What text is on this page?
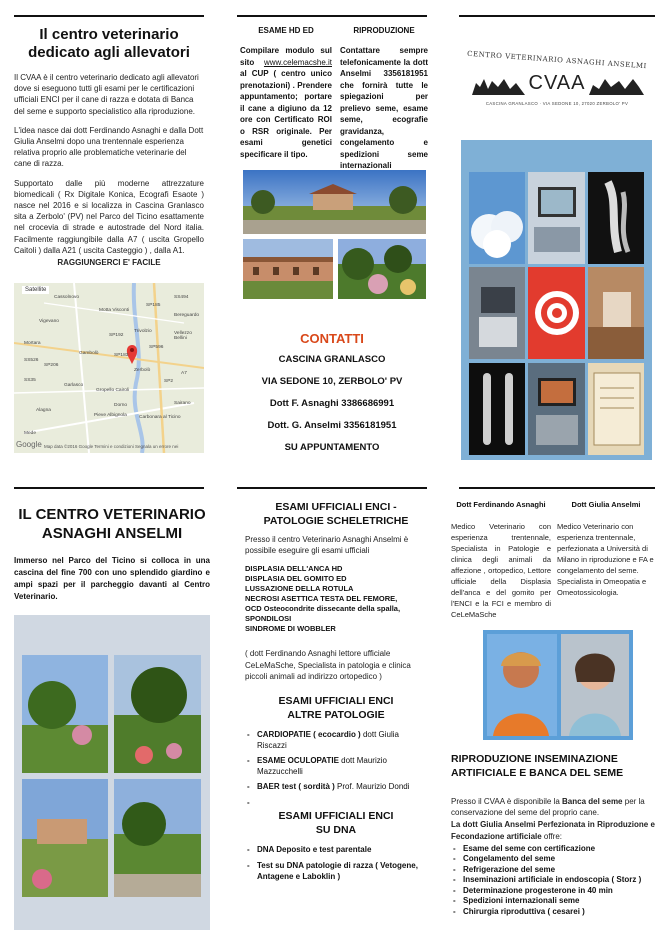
Il centro veterinario
dedicato agli allevatori

Il CVAA è il centro veterinario dedicato agli allevatori dove si eseguono tutti gli esami per le certificazioni ufficiali ENCI per il cane di razza e dotata di Banca del seme e supporto specialistico alla riproduzione.

L'idea nasce dai dott Ferdinando Asnaghi e dalla Dott Giulia Anselmi dopo una trentennale esperienza relativa proprio alle problematiche veterinarie del cane di razza.

Supportato dalle più moderne attrezzature biomedicali ( Rx Digitale Konica, Ecografi Esaote ) nasce nel 2016 e si localizza in Cascina Granlasco sita a Zerbolo' (PV) nel Parco del Ticino esattamente nel crocevia di strade e autostrade del Nord italia. Facilmente raggiungibile dalla A7 ( uscita Gropello Caitoli ) dalla A21 ( uscita Casteggio ) , dalla A1.

RAGGIUNGERCI E' FACILE

Satellite
Cassolnovo
Motta Visconti
Vigevano
Bereguardo
Trivolzio	Vellezzo Bellini
Mortara
Gambolò
Gropello Cairoli
Zerbolò
Garlasco
Dorno
Carbonara al Ticino
Alagna
Pieve Albignola
Sairano
Mede
SS494
SS526
SP192
SP206
SP596
SP183
SS35	SP2
A7
SP185
Google Map data ©2016 Google Termini e condizioni Segnala un errore nei
ESAME HD ED

Compilare modulo sul sito www.celemacshe.it al CUP ( centro unico prenotazioni) . Prendere appuntamento; portare il cane a digiuno da 12 ore con Certificato ROI o RSR originale. Per esami genetici specificare il tipo.

RIPRODUZIONE

Contattare sempre telefonicamente la dott Anselmi 3356181951 che fornirà tutte le spiegazioni per prelievo seme, esame seme, ecografie gravidanza, congelamento e spedizioni seme internazionali

CONTATTI
CASCINA GRANLASCO
VIA SEDONE 10, ZERBOLO' PV
Dott F. Asnaghi 3386686991
Dott. G. Anselmi 3356181951
SU APPUNTAMENTO
CENTRO VETERINARIO ASNAGHI ANSELMI
CVAA
CASCINA GRANLASCO · VIA SEDONE 10, 27020 ZERBOLO' PV
IL CENTRO VETERINARIO
ASNAGHI ANSELMI

Immerso nel Parco del Ticino si colloca in una cascina del fine 700 con uno splendido giardino e ampi spazi per il parcheggio davanti al Centro Veterinario.

ESAMI UFFICIALI ENCI -
PATOLOGIE SCHELETRICHE

Presso il centro Veterinario Asnaghi Anselmi è possibile eseguire gli esami ufficiali

DISPLASIA DELL'ANCA HD
DISPLASIA DEL GOMITO ED
LUSSAZIONE DELLA ROTULA
NECROSI ASETTICA TESTA DEL FEMORE,
OCD Osteocondrite dissecante della spalla,
SPONDILOSI
SINDROME DI WOBBLER

( dott Ferdinando Asnaghi lettore ufficiale CeLeMaSche, Specialista in patologia e clinica piccoli animali ad indirizzo ortopedico )

ESAMI UFFICIALI ENCI
ALTRE PATOLOGIE
- CARDIOPATIE ( ecocardio ) dott Giulia Riscazzi
- ESAME OCULOPATIE dott Maurizio Mazzucchelli
- BAER test ( sordità ) Prof. Maurizio Dondi
-
ESAMI UFFICIALI ENCI
SU DNA
- DNA Deposito e test parentale
- Test su DNA patologie di razza ( Vetogene, Antagene e Laboklin )
Dott Ferdinando Asnaghi

Medico Veterinario con esperienza trentennale, Specialista in Patologie e clinica degli animali da affezione , ortopedico, Lettore ufficiale della Displasia dell'anca e del gomito per l'ENCI e la FCI e membro di CeLeMaSche

Dott Giulia Anselmi

Medico Veterinario con esperienza trentennale, perfezionata a Università di Milano in riproduzione e FA e congelamento del seme. Specialista in Omeopatia e Omeotossicologia.

RIPRODUZIONE INSEMINAZIONE
ARTIFICIALE E BANCA DEL SEME

Presso il CVAA è disponibile la Banca del seme per la conservazione del seme del proprio cane.

La dott Giulia Anselmi Perfezionata in Riproduzione e Fecondazione artificiale offre:

- Esame del seme con certificazione
- Congelamento del seme
- Refrigerazione del seme
- Inseminazioni artificiale in endoscopia ( Storz )
- Determinazione progesterone in 40 min
- Spedizioni internazionali seme
- Chirurgia riproduttiva ( cesarei )
